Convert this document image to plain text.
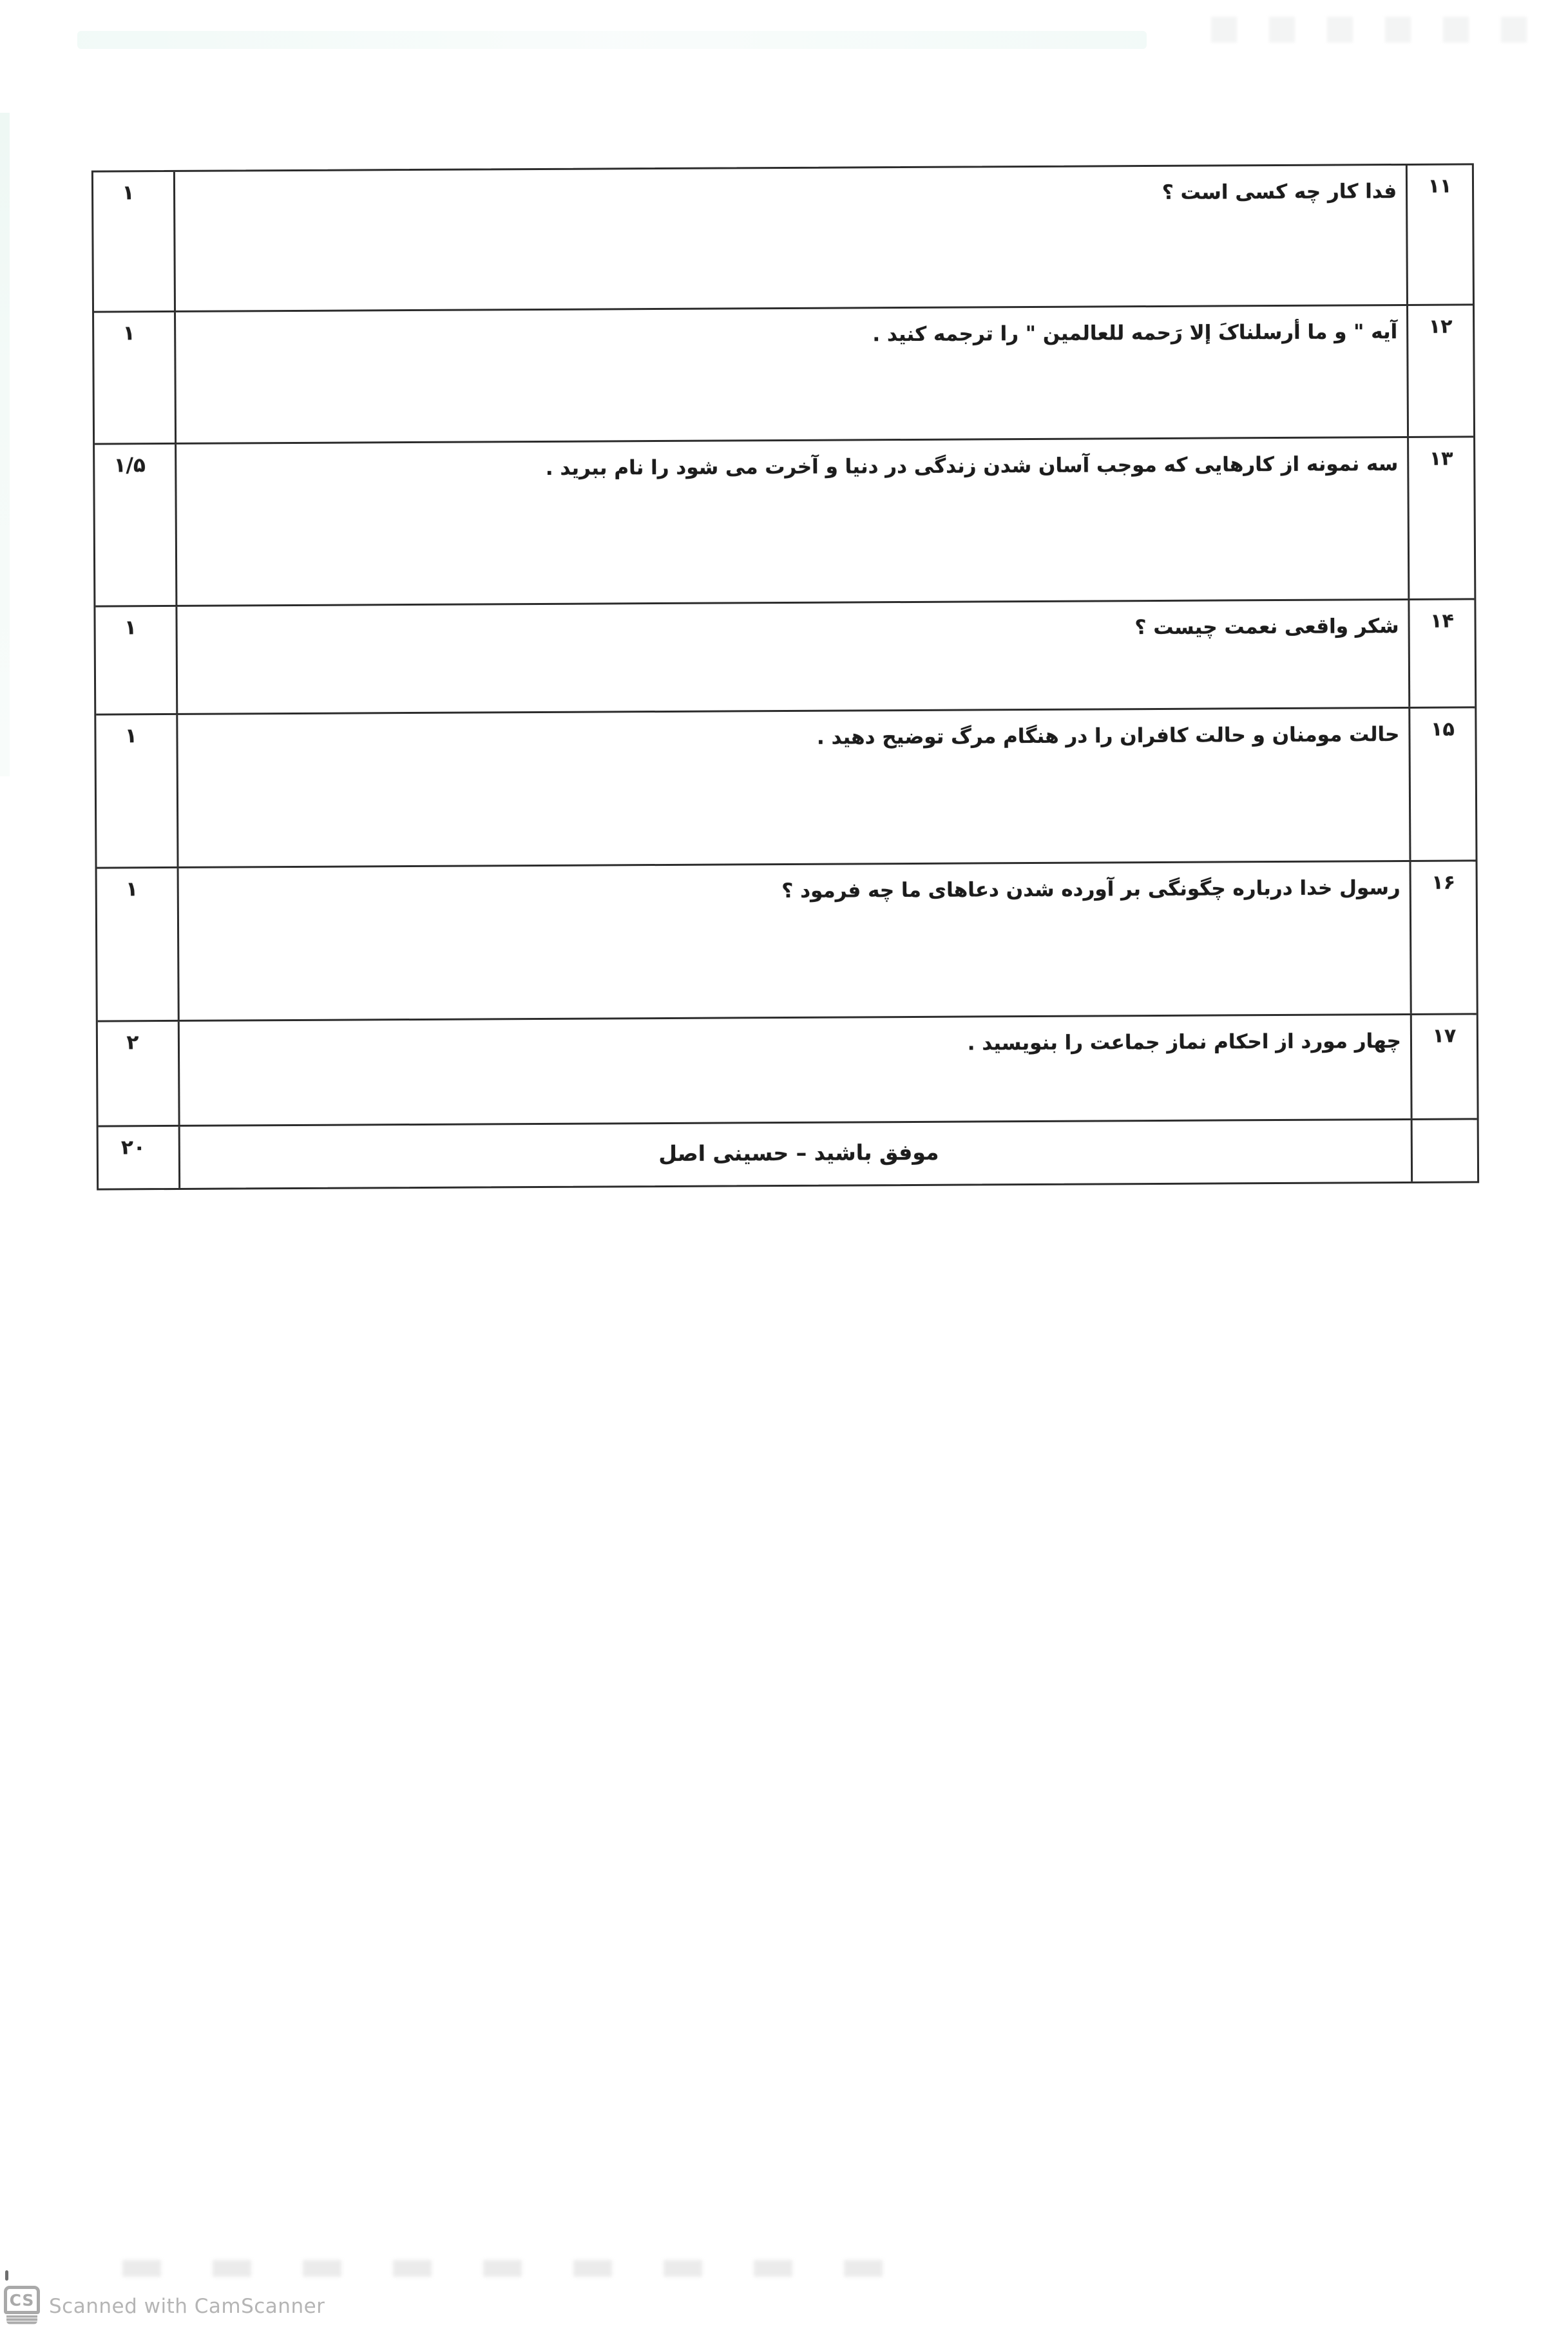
۱	فدا کار چه کسی است ؟	۱۱
۱	آیه " و ما أرسلناکَ إلا رَحمه للعالمین " را ترجمه کنید .	۱۲
۱/۵	سه نمونه از کارهایی که موجب آسان شدن زندگی در دنیا و آخرت می شود را نام ببرید .	۱۳
۱	شکر واقعی نعمت چیست ؟	۱۴
۱	حالت مومنان و حالت کافران را در هنگام مرگ توضیح دهید .	۱۵
۱	رسول خدا درباره چگونگی بر آورده شدن دعاهای ما چه فرمود ؟	۱۶
۲	چهار مورد از احکام نماز جماعت را بنویسید .	۱۷
۲۰	موفق باشید – حسینی اصل
CS Scanned with CamScanner
